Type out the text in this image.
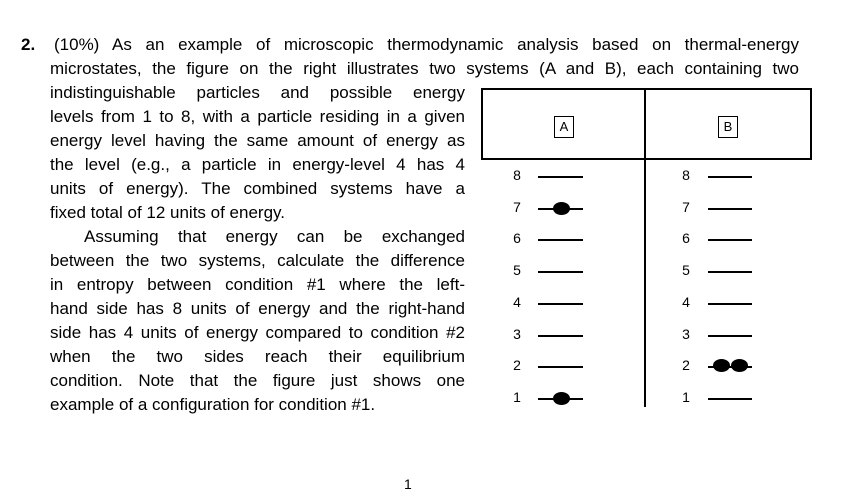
2. (10%) As an example of microscopic thermodynamic analysis based on thermal-energy
microstates, the figure on the right illustrates two systems (A and B), each containing two
indistinguishable particles and possible energy
levels from 1 to 8, with a particle residing in a given
energy level having the same amount of energy as
the level (e.g., a particle in energy-level 4 has 4
units of energy). The combined systems have a
fixed total of 12 units of energy.
Assuming that energy can be exchanged
between the two systems, calculate the difference
in entropy between condition #1 where the left-
hand side has 8 units of energy and the right-hand
side has 4 units of energy compared to condition #2
when the two sides reach their equilibrium
condition. Note that the figure just shows one
example of a configuration for condition #1.
A	B
8	8
7	7
6	6
5	5
4	4
3	3
2	2
1	1
1
